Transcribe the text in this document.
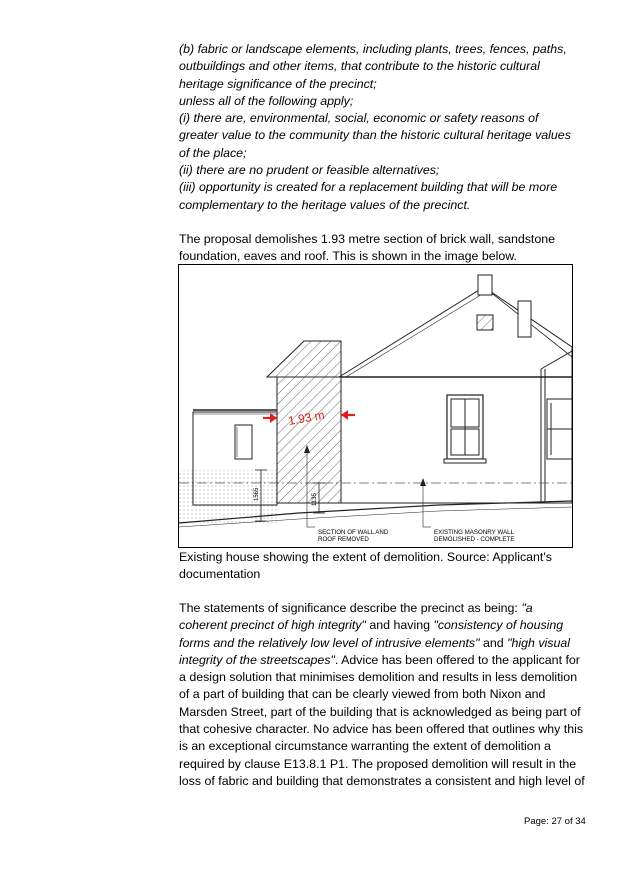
(b) fabric or landscape elements, including plants, trees, fences, paths,
outbuildings and other items, that contribute to the historic cultural
heritage significance of the precinct;
unless all of the following apply;
(i) there are, environmental, social, economic or safety reasons of
greater value to the community than the historic cultural heritage values
of the place;
(ii) there are no prudent or feasible alternatives;
(iii) opportunity is created for a replacement building that will be more
complementary to the heritage values of the precinct.
The proposal demolishes 1.93 metre section of brick wall, sandstone
foundation, eaves and roof. This is shown in the image below.
1565	1135
1.93 m
SECTION OF WALL AND
ROOF REMOVED
EXISTING MASONRY WALL
DEMOLISHED - COMPLETE
Existing house showing the extent of demolition. Source: Applicant's
documentation
The statements of significance describe the precinct as being: "a
coherent precinct of high integrity" and having "consistency of housing
forms and the relatively low level of intrusive elements" and "high visual
integrity of the streetscapes". Advice has been offered to the applicant for
a design solution that minimises demolition and results in less demolition
of a part of building that can be clearly viewed from both Nixon and
Marsden Street, part of the building that is acknowledged as being part of
that cohesive character. No advice has been offered that outlines why this
is an exceptional circumstance warranting the extent of demolition a
required by clause E13.8.1 P1. The proposed demolition will result in the
loss of fabric and building that demonstrates a consistent and high level of
Page: 27 of 34
